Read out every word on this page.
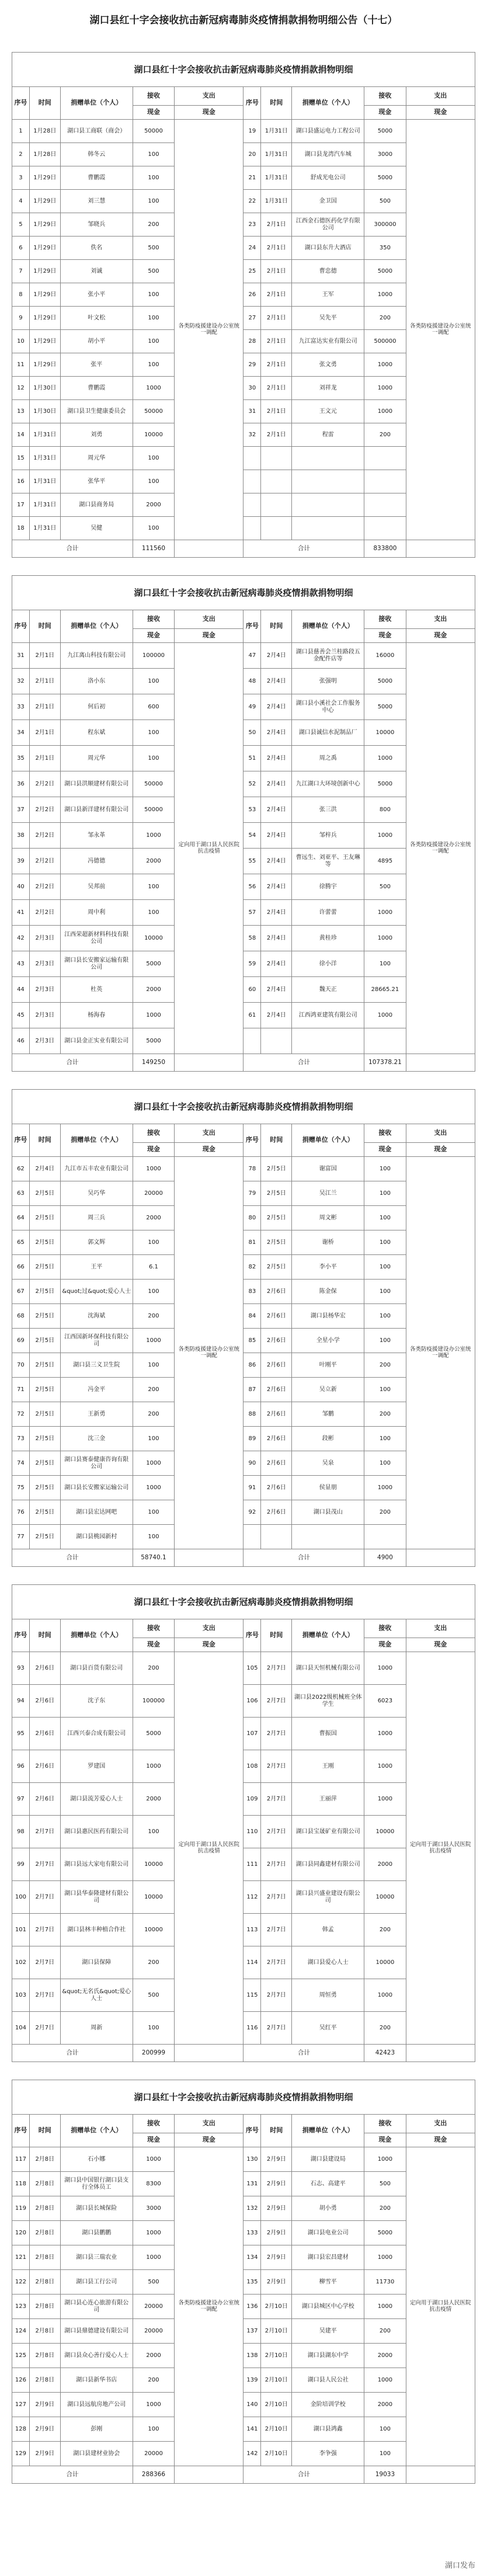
湖口县红十字会接收抗击新冠病毒肺炎疫情捐款捐物明细公告（十七）
湖口县红十字会接收抗击新冠病毒肺炎疫情捐款捐物明细
序号	时间	捐赠单位（个人）	接收	支出	序号	时间	捐赠单位（个人）	接收	支出
			现金	现金				现金	现金
1	1月28日	湖口县工商联（商会）	50000	各类防疫援建设办公室统一调配	19	1月31日	湖口县盛运电力工程公司	5000	各类防疫援建设办公室统一调配
2	1月28日	韩冬云	100		20	1月31日	湖口县龙湾汽车城	3000	
3	1月29日	曹鹏霞	100		21	1月31日	舒成光电公司	5000	
4	1月29日	刘三慧	100		22	1月31日	金卫国	500	
5	1月29日	邹晓兵	200		23	2月1日	江西金石德医药化学有限公司	300000	
6	1月29日	佚名	500		24	2月1日	湖口县东升大酒店	350	
7	1月29日	刘诚	500		25	2月1日	曹忠德	5000	
8	1月29日	张小平	100		26	2月1日	王军	1000	
9	1月29日	叶文松	100		27	2月1日	吴先平	200	
10	1月29日	胡小平	100		28	2月1日	九江富达实业有限公司	500000	
11	1月29日	张平	100		29	2月1日	张文勇	1000	
12	1月30日	曹鹏霞	1000		30	2月1日	刘祥龙	1000	
13	1月30日	湖口县卫生健康委员会	50000		31	2月1日	王文元	1000	
14	1月31日	刘勇	10000		32	2月1日	程雷	200	
15	1月31日	周元华	100						
16	1月31日	张华平	100						
17	1月31日	湖口县商务局	2000						
18	1月31日	吴健	100						
合计			111560		合计			833800	
湖口县红十字会接收抗击新冠病毒肺炎疫情捐款捐物明细
序号	时间	捐赠单位（个人）	接收	支出	序号	时间	捐赠单位（个人）	接收	支出
			现金	现金				现金	现金
31	2月1日	九江离山科技有限公司	100000	定向用于湖口县人民医院抗击疫情	47	2月4日	湖口县慈善会兰桂路段五金配件店等	16000	各类防疫援建设办公室统一调配
32	2月1日	洛小东	100		48	2月4日	张强明	5000	
33	2月1日	何后初	600		49	2月4日	湖口县小溪社会工作服务中心	5000	
34	2月1日	程东斌	100		50	2月4日	湖口县诚信水泥制品厂	10000	
35	2月1日	周元华	100		51	2月4日	周之禹	1000	
36	2月2日	湖口县洪顺建材有限公司	50000		52	2月4日	九江湖口大环境创新中心	5000	
37	2月2日	湖口县新洋建材有限公司	50000		53	2月4日	张三洪	800	
38	2月2日	邹永革	1000		54	2月4日	邹梓兵	1000	
39	2月2日	冯德德	2000		55	2月4日	曹远生、刘亚平、王友琳等	4895	
40	2月2日	吴邦前	100		56	2月4日	徐腾宇	500	
41	2月2日	周中利	100		57	2月4日	许蕾蕾	1000	
42	2月3日	江西荣超新材料科技有限公司	10000		58	2月4日	黄桂珍	1000	
43	2月3日	湖口县长安搬家运输有限公司	5000		59	2月4日	徐小洋	100	
44	2月3日	杜英	2000		60	2月4日	魏天正	28665.21	
45	2月3日	杨海春	1000		61	2月4日	江西鸿亚建筑有限公司	1000	
46	2月3日	湖口县金正实业有限公司	5000						
合计			149250		合计			107378.21	
湖口县红十字会接收抗击新冠病毒肺炎疫情捐款捐物明细
序号	时间	捐赠单位（个人）	接收	支出	序号	时间	捐赠单位（个人）	接收	支出
			现金	现金				现金	现金
62	2月4日	九江市五丰农业有限公司	1000	各类防疫援建设办公室统一调配	78	2月5日	谢富国	100	各类防疫援建设办公室统一调配
63	2月5日	吴巧华	20000		79	2月5日	吴江兰	100	
64	2月5日	周三兵	2000		80	2月5日	周文彬	100	
65	2月5日	郭文辉	100		81	2月5日	谢桥	100	
66	2月5日	王平	6.1		82	2月5日	李小平	100	
67	2月5日	&quot;过&quot;爱心人士	100		83	2月6日	陈金保	100	
68	2月5日	沈海斌	200		84	2月6日	湖口县杨华宏	100	
69	2月5日	江西国新环保科技有限公司	1000		85	2月6日	全星小学	100	
70	2月5日	湖口县三义卫生院	100		86	2月6日	叶刚平	200	
71	2月5日	冯金平	200		87	2月6日	吴立新	100	
72	2月5日	王新勇	200		88	2月6日	邹鹏	200	
73	2月5日	沈三金	100		89	2月6日	段彬	100	
74	2月5日	湖口县赛泰健康咨询有限公司	1000		90	2月6日	吴泉	100	
75	2月5日	湖口县长安搬家运输公司	1000		91	2月6日	侯显朋	1000	
76	2月5日	湖口县宏达网吧	100		92	2月6日	湖口县茂山	200	
77	2月5日	湖口县桃园新村	100						
合计			58740.1		合计			4900	
湖口县红十字会接收抗击新冠病毒肺炎疫情捐款捐物明细
序号	时间	捐赠单位（个人）	接收	支出	序号	时间	捐赠单位（个人）	接收	支出
			现金	现金				现金	现金
93	2月6日	湖口县百货有限公司	200	定向用于湖口县人民医院抗击疫情	105	2月7日	湖口县天恒机械有限公司	1000	定向用于湖口县人民医院抗击疫情
94	2月6日	沈子东	100000		106	2月7日	湖口县2022级机械班全体学生	6023	
95	2月6日	江西兴泰合成有限公司	5000		107	2月7日	曹振国	1000	
96	2月6日	罗建国	1000		108	2月7日	王刚	1000	
97	2月6日	湖口县流芳爱心人士	2000		109	2月7日	王丽萍	1000	
98	2月7日	湖口县惠民医药有限公司	100		110	2月7日	湖口县宝晟矿业有限公司	10000	
99	2月7日	湖口县远大家电有限公司	10000		111	2月7日	湖口县同鑫建材有限公司	2000	
100	2月7日	湖口县华泰隆建材有限公司	10000		112	2月7日	湖口县兴盛业建设有限公司	10000	
101	2月7日	湖口县林丰种植合作社	10000		113	2月7日	韩孟	200	
102	2月7日	湖口县保障	200		114	2月7日	湖口县爱心人士	10000	
103	2月7日	&quot;无名氏&quot;爱心人士	500		115	2月7日	周恒勇	1000	
104	2月7日	周新	100		116	2月7日	吴红平	200	
合计			200999		合计			42423	
湖口县红十字会接收抗击新冠病毒肺炎疫情捐款捐物明细
序号	时间	捐赠单位（个人）	接收	支出	序号	时间	捐赠单位（个人）	接收	支出
			现金	现金				现金	现金
117	2月8日	石小娜	1000	各类防疫援建设办公室统一调配	130	2月9日	湖口县建设局	1000	定向用于湖口县人民医院抗击疫情
118	2月8日	湖口县中国银行湖口县支行全体员工	8300		131	2月9日	石志、高建平	500	
119	2月8日	湖口县长城保险	3000		132	2月9日	胡小勇	200	
120	2月8日	湖口县鹏鹏	1000		133	2月9日	湖口县电业公司	5000	
121	2月8日	湖口县三瑞农业	1000		134	2月9日	湖口县宏昌建材	1000	
122	2月8日	湖口县工行公司	500		135	2月9日	柳雪平	11730	
123	2月8日	湖口县心连心旅游有限公司	20000		136	2月10日	湖口县城区中心学校	1000	
124	2月8日	湖口县鼎德建设有限公司	20000		137	2月10日	吴建平	200	
125	2月8日	湖口县众心善行爱心人士	2000		138	2月10日	湖口县湖东中学	2000	
126	2月8日	湖口县新华书店	200		139	2月10日	湖口县人民公社	1000	
127	2月9日	湖口县远航房地产公司	1000		140	2月10日	金阶培训学校	2000	
128	2月9日	彭刚	100		141	2月10日	湖口县鸿鑫	100	
129	2月9日	湖口县建材业协会	20000		142	2月10日	李争强	100	
合计			288366		合计			19033	
湖口发布
